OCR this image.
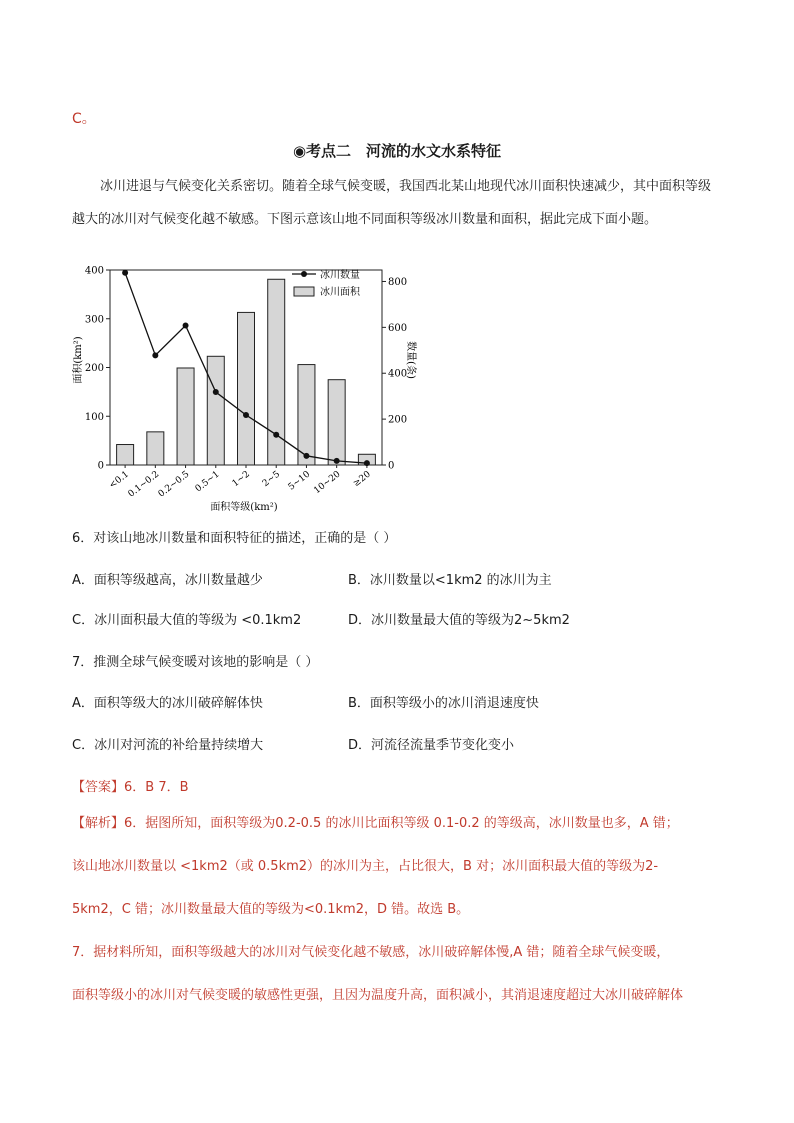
C。
◉考点二　河流的水文水系特征

冰川进退与气候变化关系密切。随着全球气候变暖，我国西北某山地现代冰川面积快速减少，其中面积等级越大的冰川对气候变化越不敏感。下图示意该山地不同面积等级冰川数量和面积，据此完成下面小题。

0
100
200
300
400
0
200
400
600
800
<0.1
0.1~0.2
0.2~0.5 0.5~1 1~2 2~5 5~10 10~20 ≥20
面积(km²)	数量(条)
面积等级(km²)
冰川数量
冰川面积
6．对该山地冰川数量和面积特征的描述，正确的是（ ）
A．面积等级越高，冰川数量越少	B．冰川数量以<1km2 的冰川为主
C．冰川面积最大值的等级为 <0.1km2	D．冰川数量最大值的等级为2~5km2
7．推测全球气候变暖对该地的影响是（ ）
A．面积等级大的冰川破碎解体快	B．面积等级小的冰川消退速度快
C．冰川对河流的补给量持续增大	D．河流径流量季节变化变小
【答案】6．B 7．B
【解析】6．据图所知，面积等级为0.2-0.5 的冰川比面积等级 0.1-0.2 的等级高，冰川数量也多，A 错；
该山地冰川数量以 <1km2（或 0.5km2）的冰川为主，占比很大，B 对；冰川面积最大值的等级为2-
5km2，C 错；冰川数量最大值的等级为<0.1km2，D 错。故选 B。
7．据材料所知，面积等级越大的冰川对气候变化越不敏感，冰川破碎解体慢,A 错；随着全球气候变暖，
面积等级小的冰川对气候变暖的敏感性更强，且因为温度升高，面积减小，其消退速度超过大冰川破碎解体
